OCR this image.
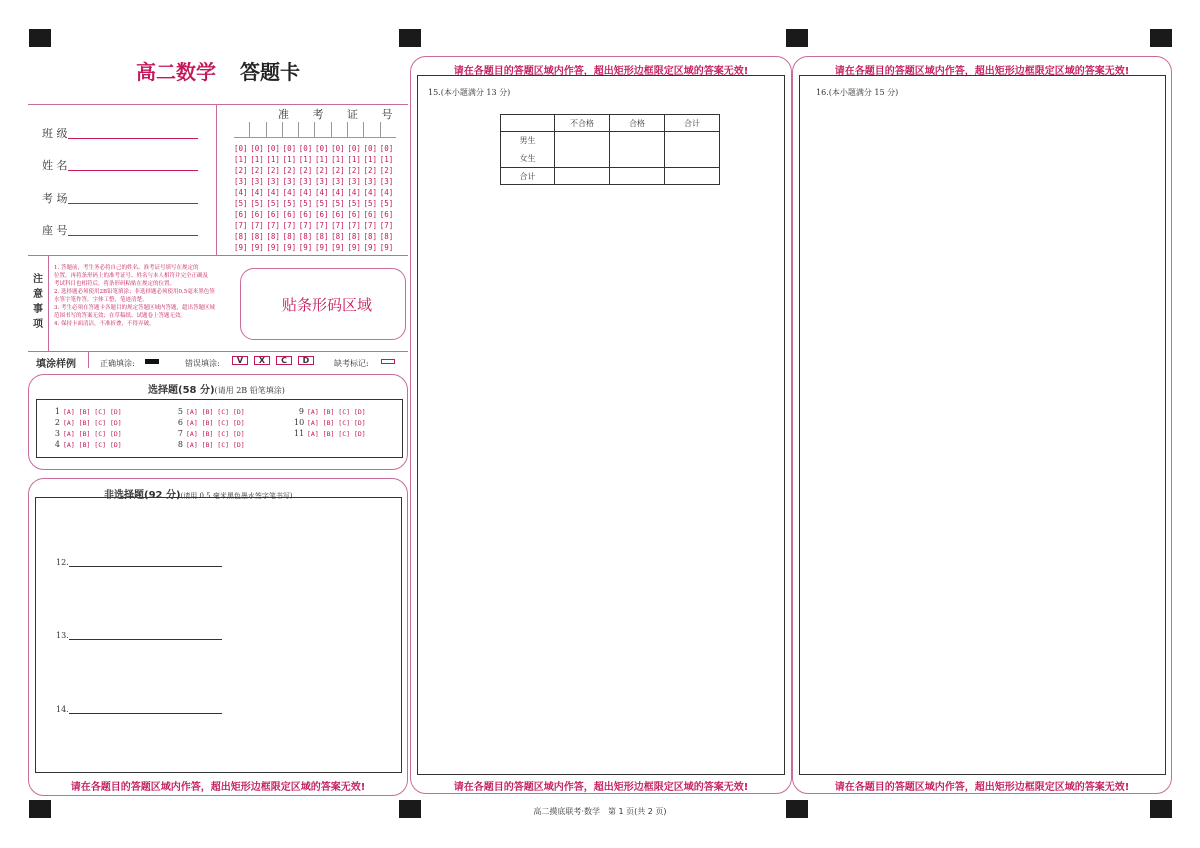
高二数学 答题卡
班 级
姓 名
考 场
座 号
准 考 证 号
[0] [0] [0] [0] [0] [0] [0] [0] [0] [0]
[1] [1] [1] [1] [1] [1] [1] [1] [1] [1]
[2] [2] [2] [2] [2] [2] [2] [2] [2] [2]
[3] [3] [3] [3] [3] [3] [3] [3] [3] [3]
[4] [4] [4] [4] [4] [4] [4] [4] [4] [4]
[5] [5] [5] [5] [5] [5] [5] [5] [5] [5]
[6] [6] [6] [6] [6] [6] [6] [6] [6] [6]
[7] [7] [7] [7] [7] [7] [7] [7] [7] [7]
[8] [8] [8] [8] [8] [8] [8] [8] [8] [8]
[9] [9] [9] [9] [9] [9] [9] [9] [9] [9]
注
意
事
项
1. 答题前，考生务必将自己的姓名、准考证号填写在规定的
位置，再将条形码上的准考证号、姓名与本人相符并完全正确及
考试科目也相符后，将条形码粘贴在规定的位置。
2. 选择题必须使用2B铅笔填涂；非选择题必须使用0.5毫米黑色签
水签字笔作答，字体工整、笔迹清楚。
3. 考生必须在答题卡各题目的规定答题区域内答题，超出答题区域
范围书写的答案无效；在草稿纸、试题卷上答题无效。
4. 保持卡面清洁，不准折叠，不得弄破。
贴条形码区域
填涂样例	正确填涂:	错误填涂:	V	X	C	D	缺考标记:
选择题(58 分)(请用 2B 铅笔填涂)
1 [A] [B] [C] [D]
2 [A] [B] [C] [D]
3 [A] [B] [C] [D]
4 [A] [B] [C] [D]
5 [A] [B] [C] [D]
6 [A] [B] [C] [D]
7 [A] [B] [C] [D]
8 [A] [B] [C] [D]
9 [A] [B] [C] [D]
10 [A] [B] [C] [D]
11 [A] [B] [C] [D]
非选择题(92 分)(请用 0.5 毫米黑色墨水签字笔书写)
12.
13.
14.
请在各题目的答题区域内作答，超出矩形边框限定区域的答案无效!
请在各题目的答题区域内作答，超出矩形边框限定区域的答案无效!
15.(本小题满分 13 分)
	不合格	合格	合计
男生			
女生			
合计			
请在各题目的答题区域内作答，超出矩形边框限定区域的答案无效!
请在各题目的答题区域内作答，超出矩形边框限定区域的答案无效!
16.(本小题满分 15 分)
请在各题目的答题区域内作答，超出矩形边框限定区域的答案无效!
高二摸底联考·数学　第 1 页(共 2 页)
